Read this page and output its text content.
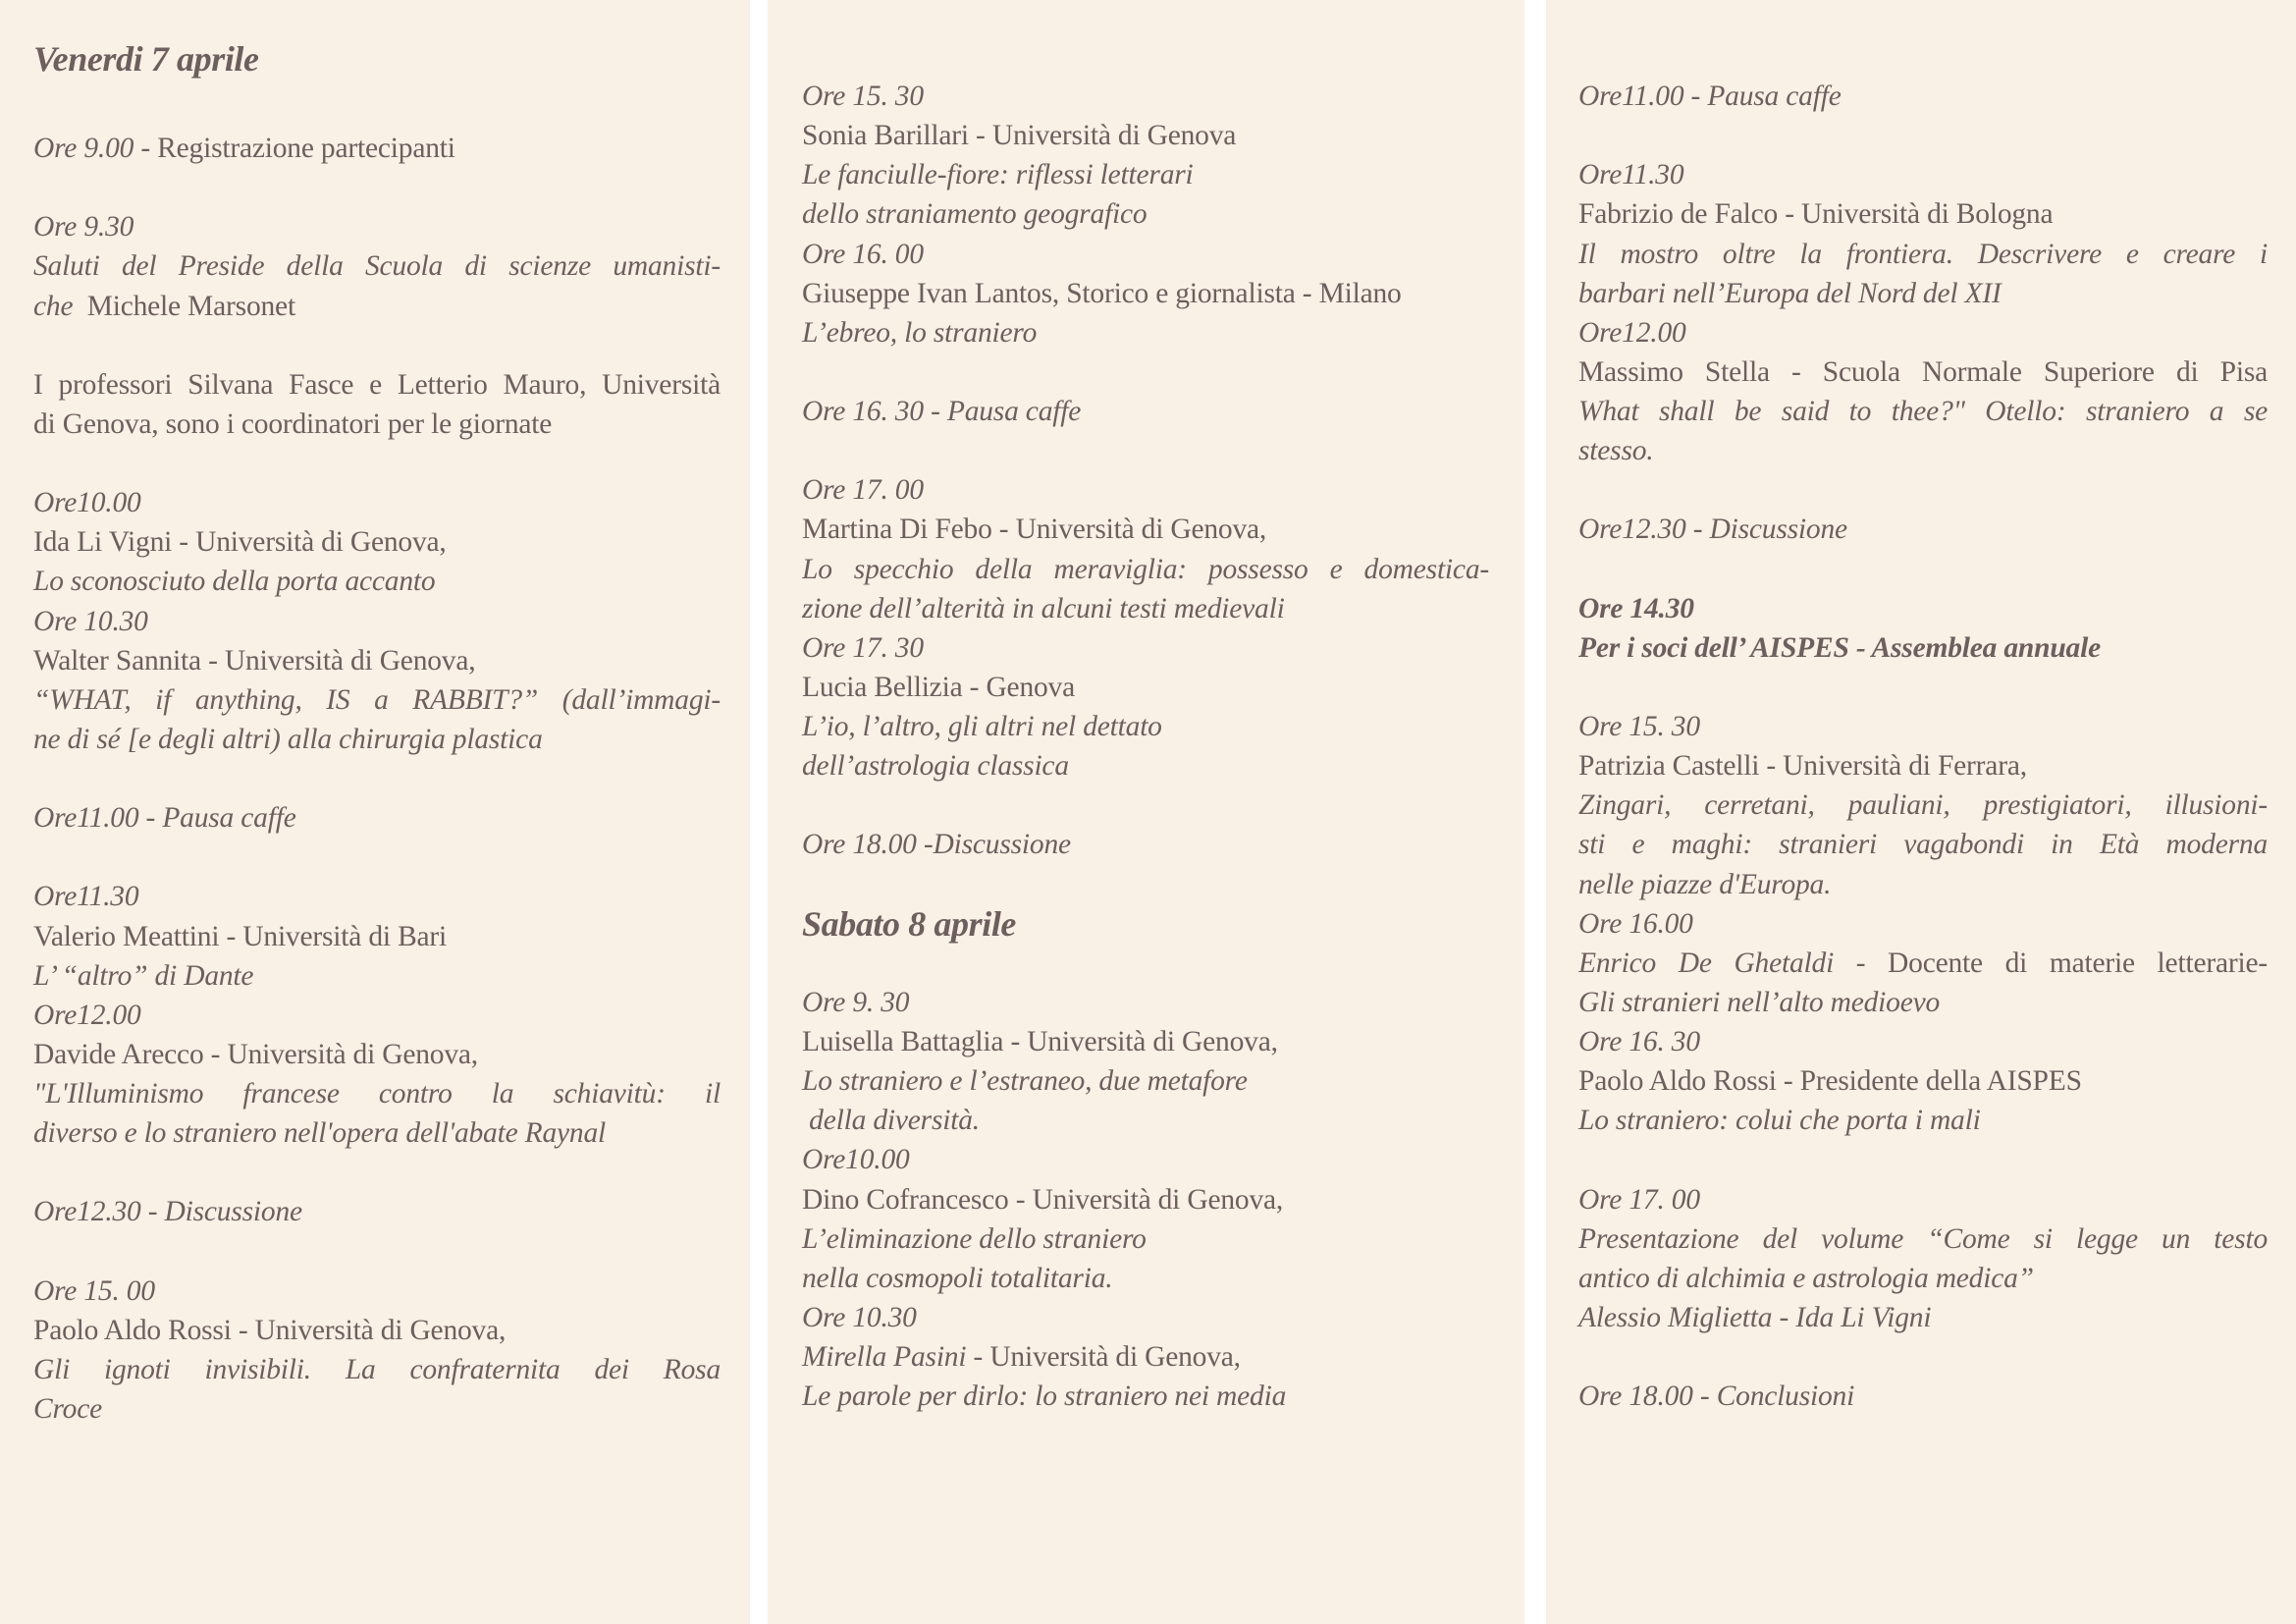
Venerdi 7 aprile
Ore 9.00 - Registrazione partecipanti
Ore 9.30
Saluti del Preside della Scuola di scienze umanisti-
che  Michele Marsonet
I professori Silvana Fasce e Letterio Mauro, Università
di Genova, sono i coordinatori per le giornate
Ore10.00
Ida Li Vigni - Università di Genova,
Lo sconosciuto della porta accanto
Ore 10.30
Walter Sannita - Università di Genova,
“WHAT, if anything, IS a RABBIT?” (dall’immagi-
ne di sé [e degli altri) alla chirurgia plastica
Ore11.00 - Pausa caffe
Ore11.30
Valerio Meattini - Università di Bari
L’ “altro” di Dante
Ore12.00
Davide Arecco - Università di Genova,
"L'Illuminismo francese contro la schiavitù: il
diverso e lo straniero nell'opera dell'abate Raynal
Ore12.30 - Discussione
Ore 15. 00
Paolo Aldo Rossi - Università di Genova,
Gli ignoti invisibili. La confraternita dei Rosa
Croce
Ore 15. 30
Sonia Barillari - Università di Genova
Le fanciulle-fiore: riflessi letterari
dello straniamento geografico
Ore 16. 00
Giuseppe Ivan Lantos, Storico e giornalista - Milano
L’ebreo, lo straniero
Ore 16. 30 - Pausa caffe
Ore 17. 00
Martina Di Febo - Università di Genova,
Lo specchio della meraviglia: possesso e domestica-
zione dell’alterità in alcuni testi medievali
Ore 17. 30
Lucia Bellizia - Genova
L’io, l’altro, gli altri nel dettato
dell’astrologia classica
Ore 18.00 -Discussione
Sabato 8 aprile
Ore 9. 30
Luisella Battaglia - Università di Genova,
Lo straniero e l’estraneo, due metafore
della diversità.
Ore10.00
Dino Cofrancesco - Università di Genova,
L’eliminazione dello straniero
nella cosmopoli totalitaria.
Ore 10.30
Mirella Pasini - Università di Genova,
Le parole per dirlo: lo straniero nei media
Ore11.00 - Pausa caffe
Ore11.30
Fabrizio de Falco - Università di Bologna
Il mostro oltre la frontiera. Descrivere e creare i
barbari nell’Europa del Nord del XII
Ore12.00
Massimo Stella - Scuola Normale Superiore di Pisa
What shall be said to thee?" Otello: straniero a se
stesso.
Ore12.30 - Discussione
Ore 14.30
Per i soci dell’ AISPES - Assemblea annuale
Ore 15. 30
Patrizia Castelli - Università di Ferrara,
Zingari, cerretani, pauliani, prestigiatori, illusioni-
sti e maghi: stranieri vagabondi in Età moderna
nelle piazze d'Europa.
Ore 16.00
Enrico De Ghetaldi - Docente di materie letterarie-
Gli stranieri nell’alto medioevo
Ore 16. 30
Paolo Aldo Rossi - Presidente della AISPES
Lo straniero: colui che porta i mali
Ore 17. 00
Presentazione del volume “Come si legge un testo
antico di alchimia e astrologia medica”
Alessio Miglietta - Ida Li Vigni
Ore 18.00 - Conclusioni
